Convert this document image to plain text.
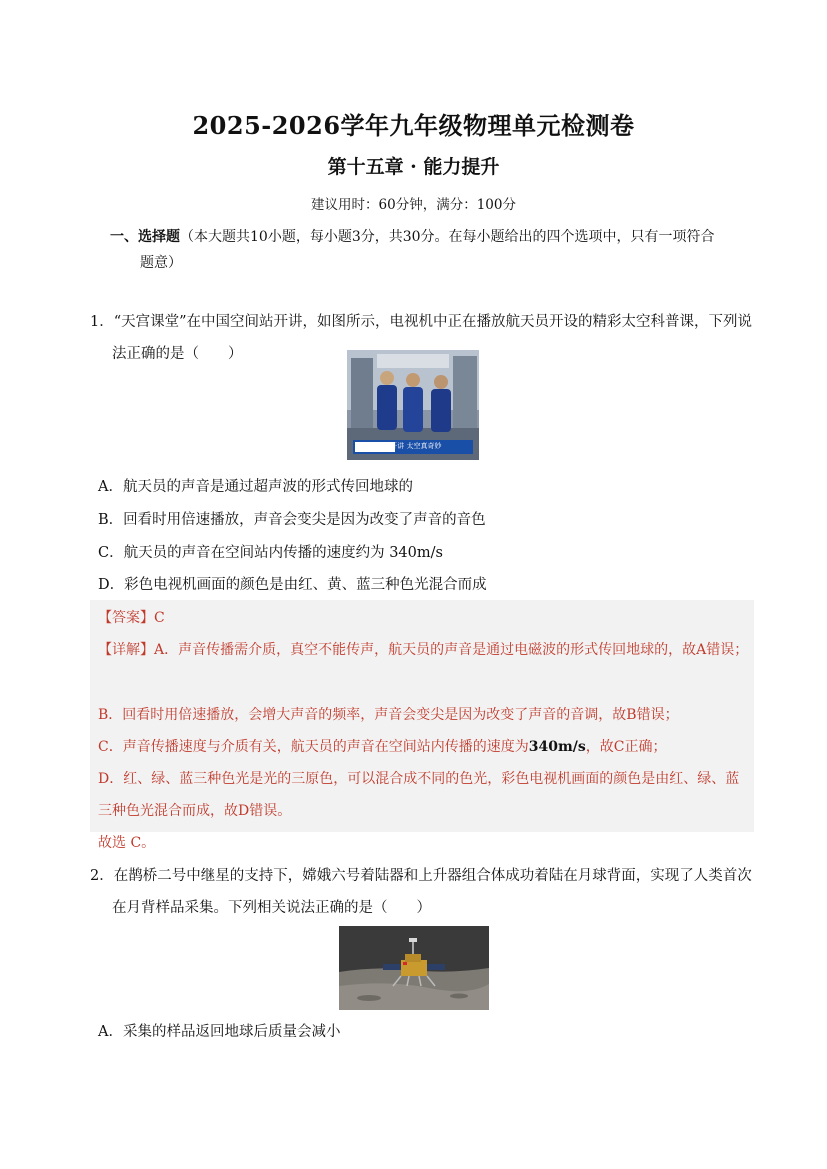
2025-2026学年九年级物理单元检测卷
第十五章 · 能力提升
建议用时：60分钟，满分：100分
一、选择题（本大题共10小题，每小题3分，共30分。在每小题给出的四个选项中，只有一项符合
题意）
1．“天宫课堂”在中国空间站开讲，如图所示，电视机中正在播放航天员开设的精彩太空科普课，下列说
法正确的是（　　）
“天宫课堂”开讲 太空真奇妙
A．航天员的声音是通过超声波的形式传回地球的
B．回看时用倍速播放，声音会变尖是因为改变了声音的音色
C．航天员的声音在空间站内传播的速度约为 340m/s
D．彩色电视机画面的颜色是由红、黄、蓝三种色光混合而成
【答案】C
【详解】A．声音传播需介质，真空不能传声，航天员的声音是通过电磁波的形式传回地球的，故A错误；
B．回看时用倍速播放，会增大声音的频率，声音会变尖是因为改变了声音的音调，故B错误；
C．声音传播速度与介质有关，航天员的声音在空间站内传播的速度为340m/s，故C正确；
D．红、绿、蓝三种色光是光的三原色，可以混合成不同的色光，彩色电视机画面的颜色是由红、绿、蓝三种色光混合而成，故D错误。
故选 C。
2．在鹊桥二号中继星的支持下，嫦娥六号着陆器和上升器组合体成功着陆在月球背面，实现了人类首次
在月背样品采集。下列相关说法正确的是（　　）
A．采集的样品返回地球后质量会减小
